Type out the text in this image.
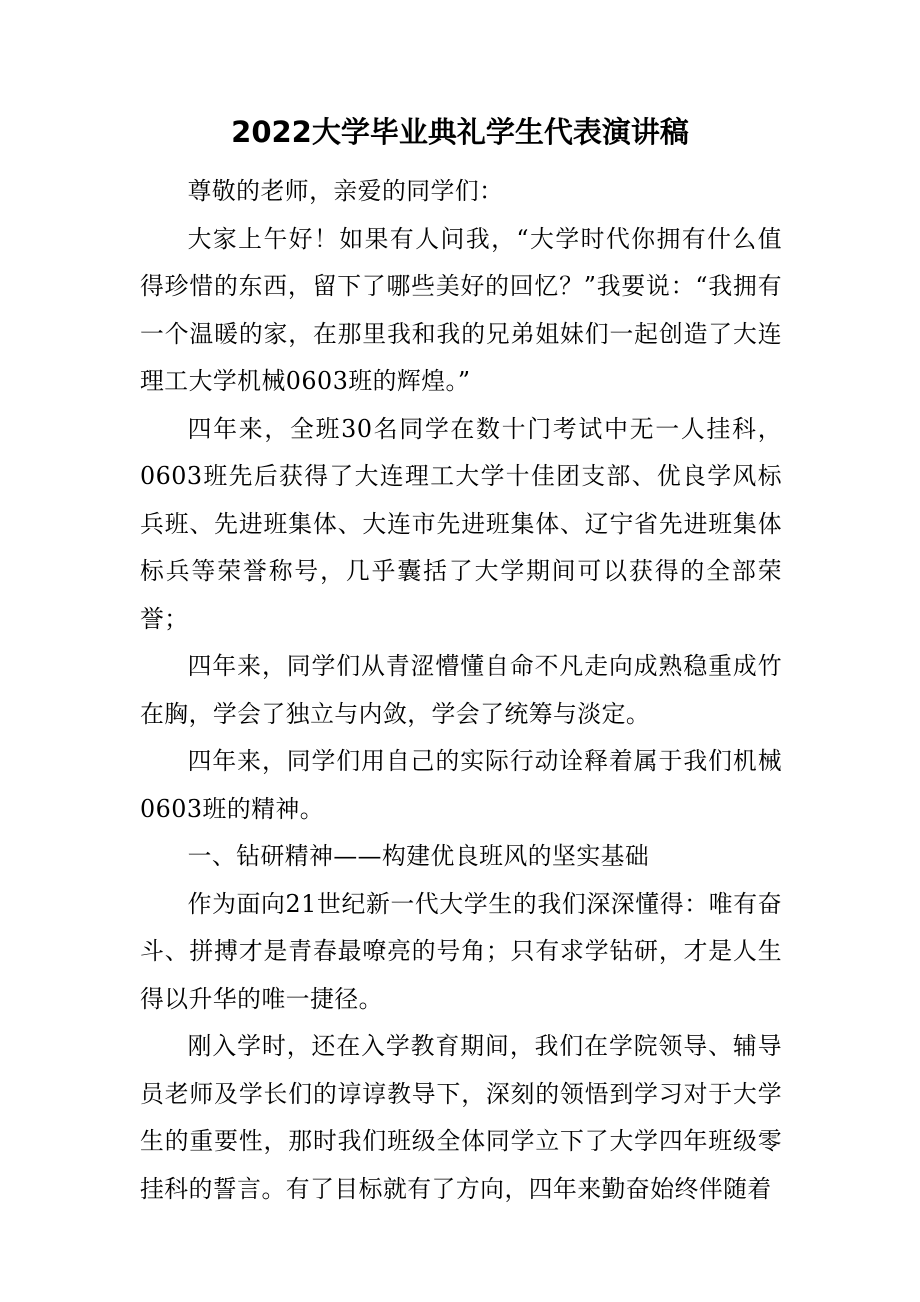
2022大学毕业典礼学生代表演讲稿

尊敬的老师，亲爱的同学们：

大家上午好！如果有人问我，“大学时代你拥有什么值得珍惜的东西，留下了哪些美好的回忆？”我要说：“我拥有一个温暖的家，在那里我和我的兄弟姐妹们一起创造了大连理工大学机械0603班的辉煌。”

四年来，全班30名同学在数十门考试中无一人挂科，0603班先后获得了大连理工大学十佳团支部、优良学风标兵班、先进班集体、大连市先进班集体、辽宁省先进班集体标兵等荣誉称号，几乎囊括了大学期间可以获得的全部荣誉；

四年来，同学们从青涩懵懂自命不凡走向成熟稳重成竹在胸，学会了独立与内敛，学会了统筹与淡定。

四年来，同学们用自己的实际行动诠释着属于我们机械0603班的精神。

一、钻研精神——构建优良班风的坚实基础

作为面向21世纪新一代大学生的我们深深懂得：唯有奋斗、拼搏才是青春最嘹亮的号角；只有求学钻研，才是人生得以升华的唯一捷径。

刚入学时，还在入学教育期间，我们在学院领导、辅导员老师及学长们的谆谆教导下，深刻的领悟到学习对于大学生的重要性，那时我们班级全体同学立下了大学四年班级零挂科的誓言。有了目标就有了方向，四年来勤奋始终伴随着
